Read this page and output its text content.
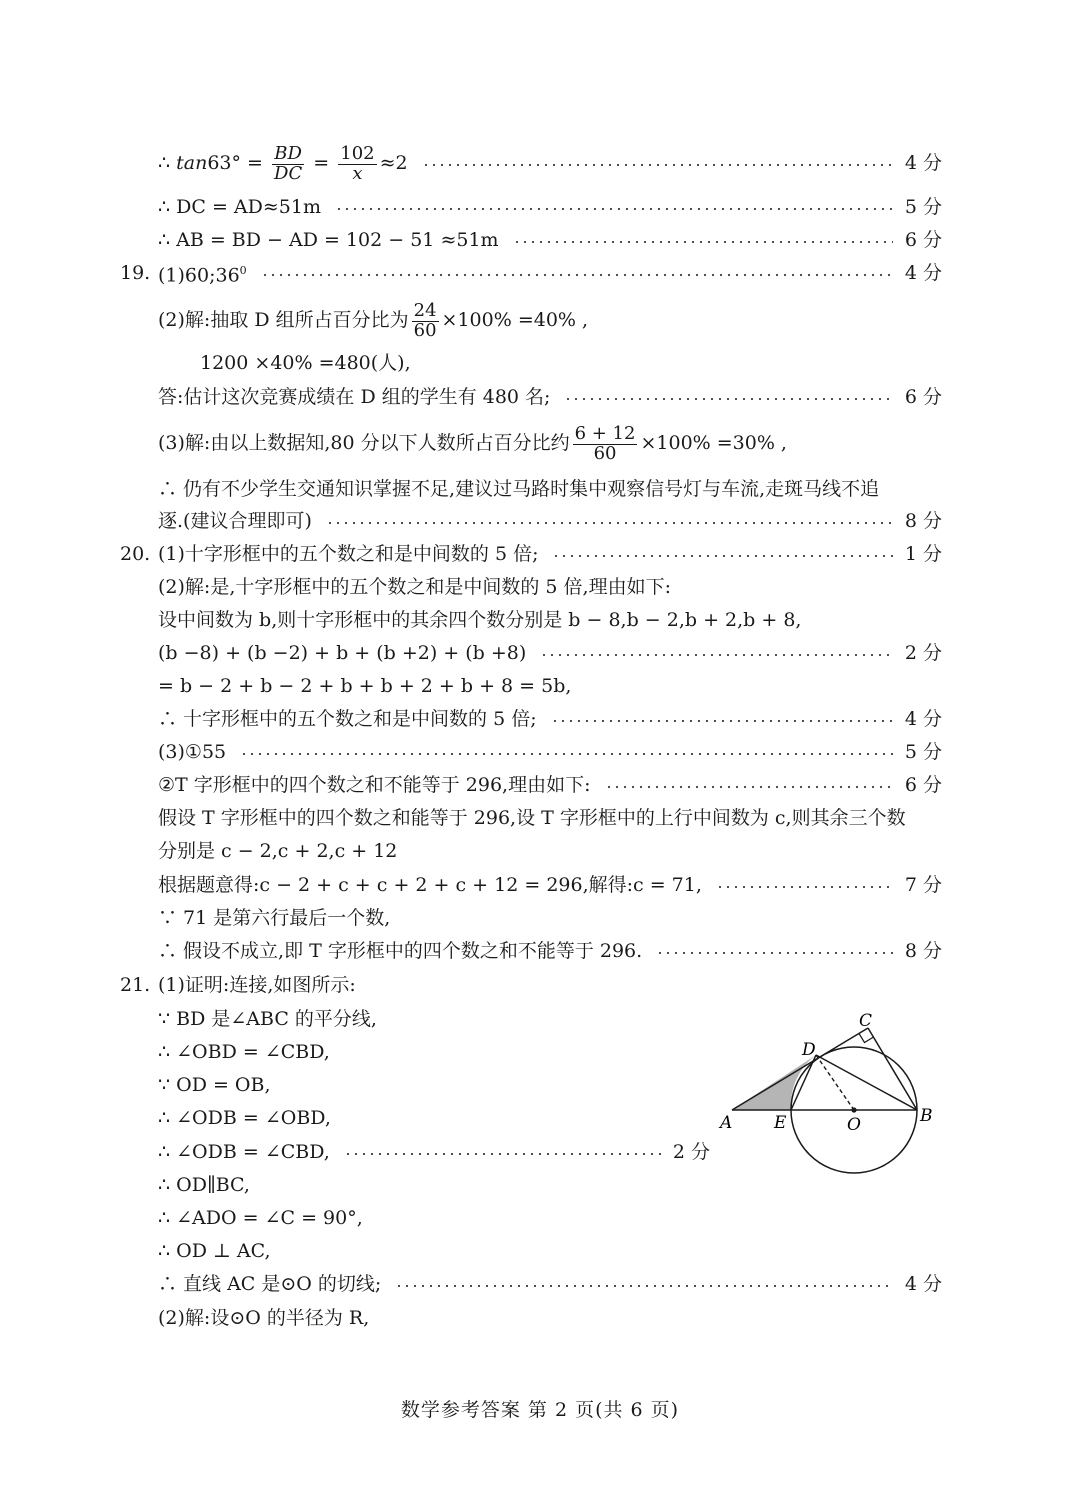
∴ $\tan 63^\circ = \frac{BD}{DC} = \frac{102}{x} \approx 2$	4 分
∴ DC = AD≈51m	5 分
∴ AB = BD − AD = 102 − 51 ≈51m	6 分
19. $(1)60;36^0$	4 分
(2)解:抽取 D 组所占百分比为 $\frac{24}{60} \times 100\% =40\%$ ,
1200 ×40% =480(人),
答:估计这次竞赛成绩在 D 组的学生有 480 名;	6 分
(3)解:由以上数据知,80 分以下人数所占百分比约 $\frac{6 + 12}{60} \times 100\% =30\%$ ,
∴ 仍有不少学生交通知识掌握不足,建议过马路时集中观察信号灯与车流,走斑马线不追
逐.(建议合理即可)	8 分
20. (1)十字形框中的五个数之和是中间数的 5 倍;	1 分
(2)解:是,十字形框中的五个数之和是中间数的 5 倍,理由如下:
设中间数为 b,则十字形框中的其余四个数分别是 b − 8,b − 2,b + 2,b + 8,
(b −8) + (b −2) + b + (b +2) + (b +8)	2 分
= b − 2 + b − 2 + b + b + 2 + b + 8 = 5b,
∴ 十字形框中的五个数之和是中间数的 5 倍;	4 分
(3)①55	5 分
②T 字形框中的四个数之和不能等于 296,理由如下:	6 分
假设 T 字形框中的四个数之和能等于 296,设 T 字形框中的上行中间数为 c,则其余三个数
分别是 c − 2,c + 2,c + 12
根据题意得:c − 2 + c + c + 2 + c + 12 = 296,解得:c = 71,	7 分
∵ 71 是第六行最后一个数,
∴ 假设不成立,即 T 字形框中的四个数之和不能等于 296.	8 分
21. (1)证明:连接,如图所示:
∵ BD 是∠ABC 的平分线,
∴ ∠OBD = ∠CBD,
∵ OD = OB,
∴ ∠ODB = ∠OBD,
∴ ∠ODB = ∠CBD,	2 分
∴ OD∥BC,
∴ ∠ADO = ∠C = 90°,
∴ OD ⊥ AC,
∴ 直线 AC 是⊙O 的切线;	4 分
(2)解:设⊙O 的半径为 R,
A E	O	B
D
C
数学参考答案 第 2 页(共 6 页)
